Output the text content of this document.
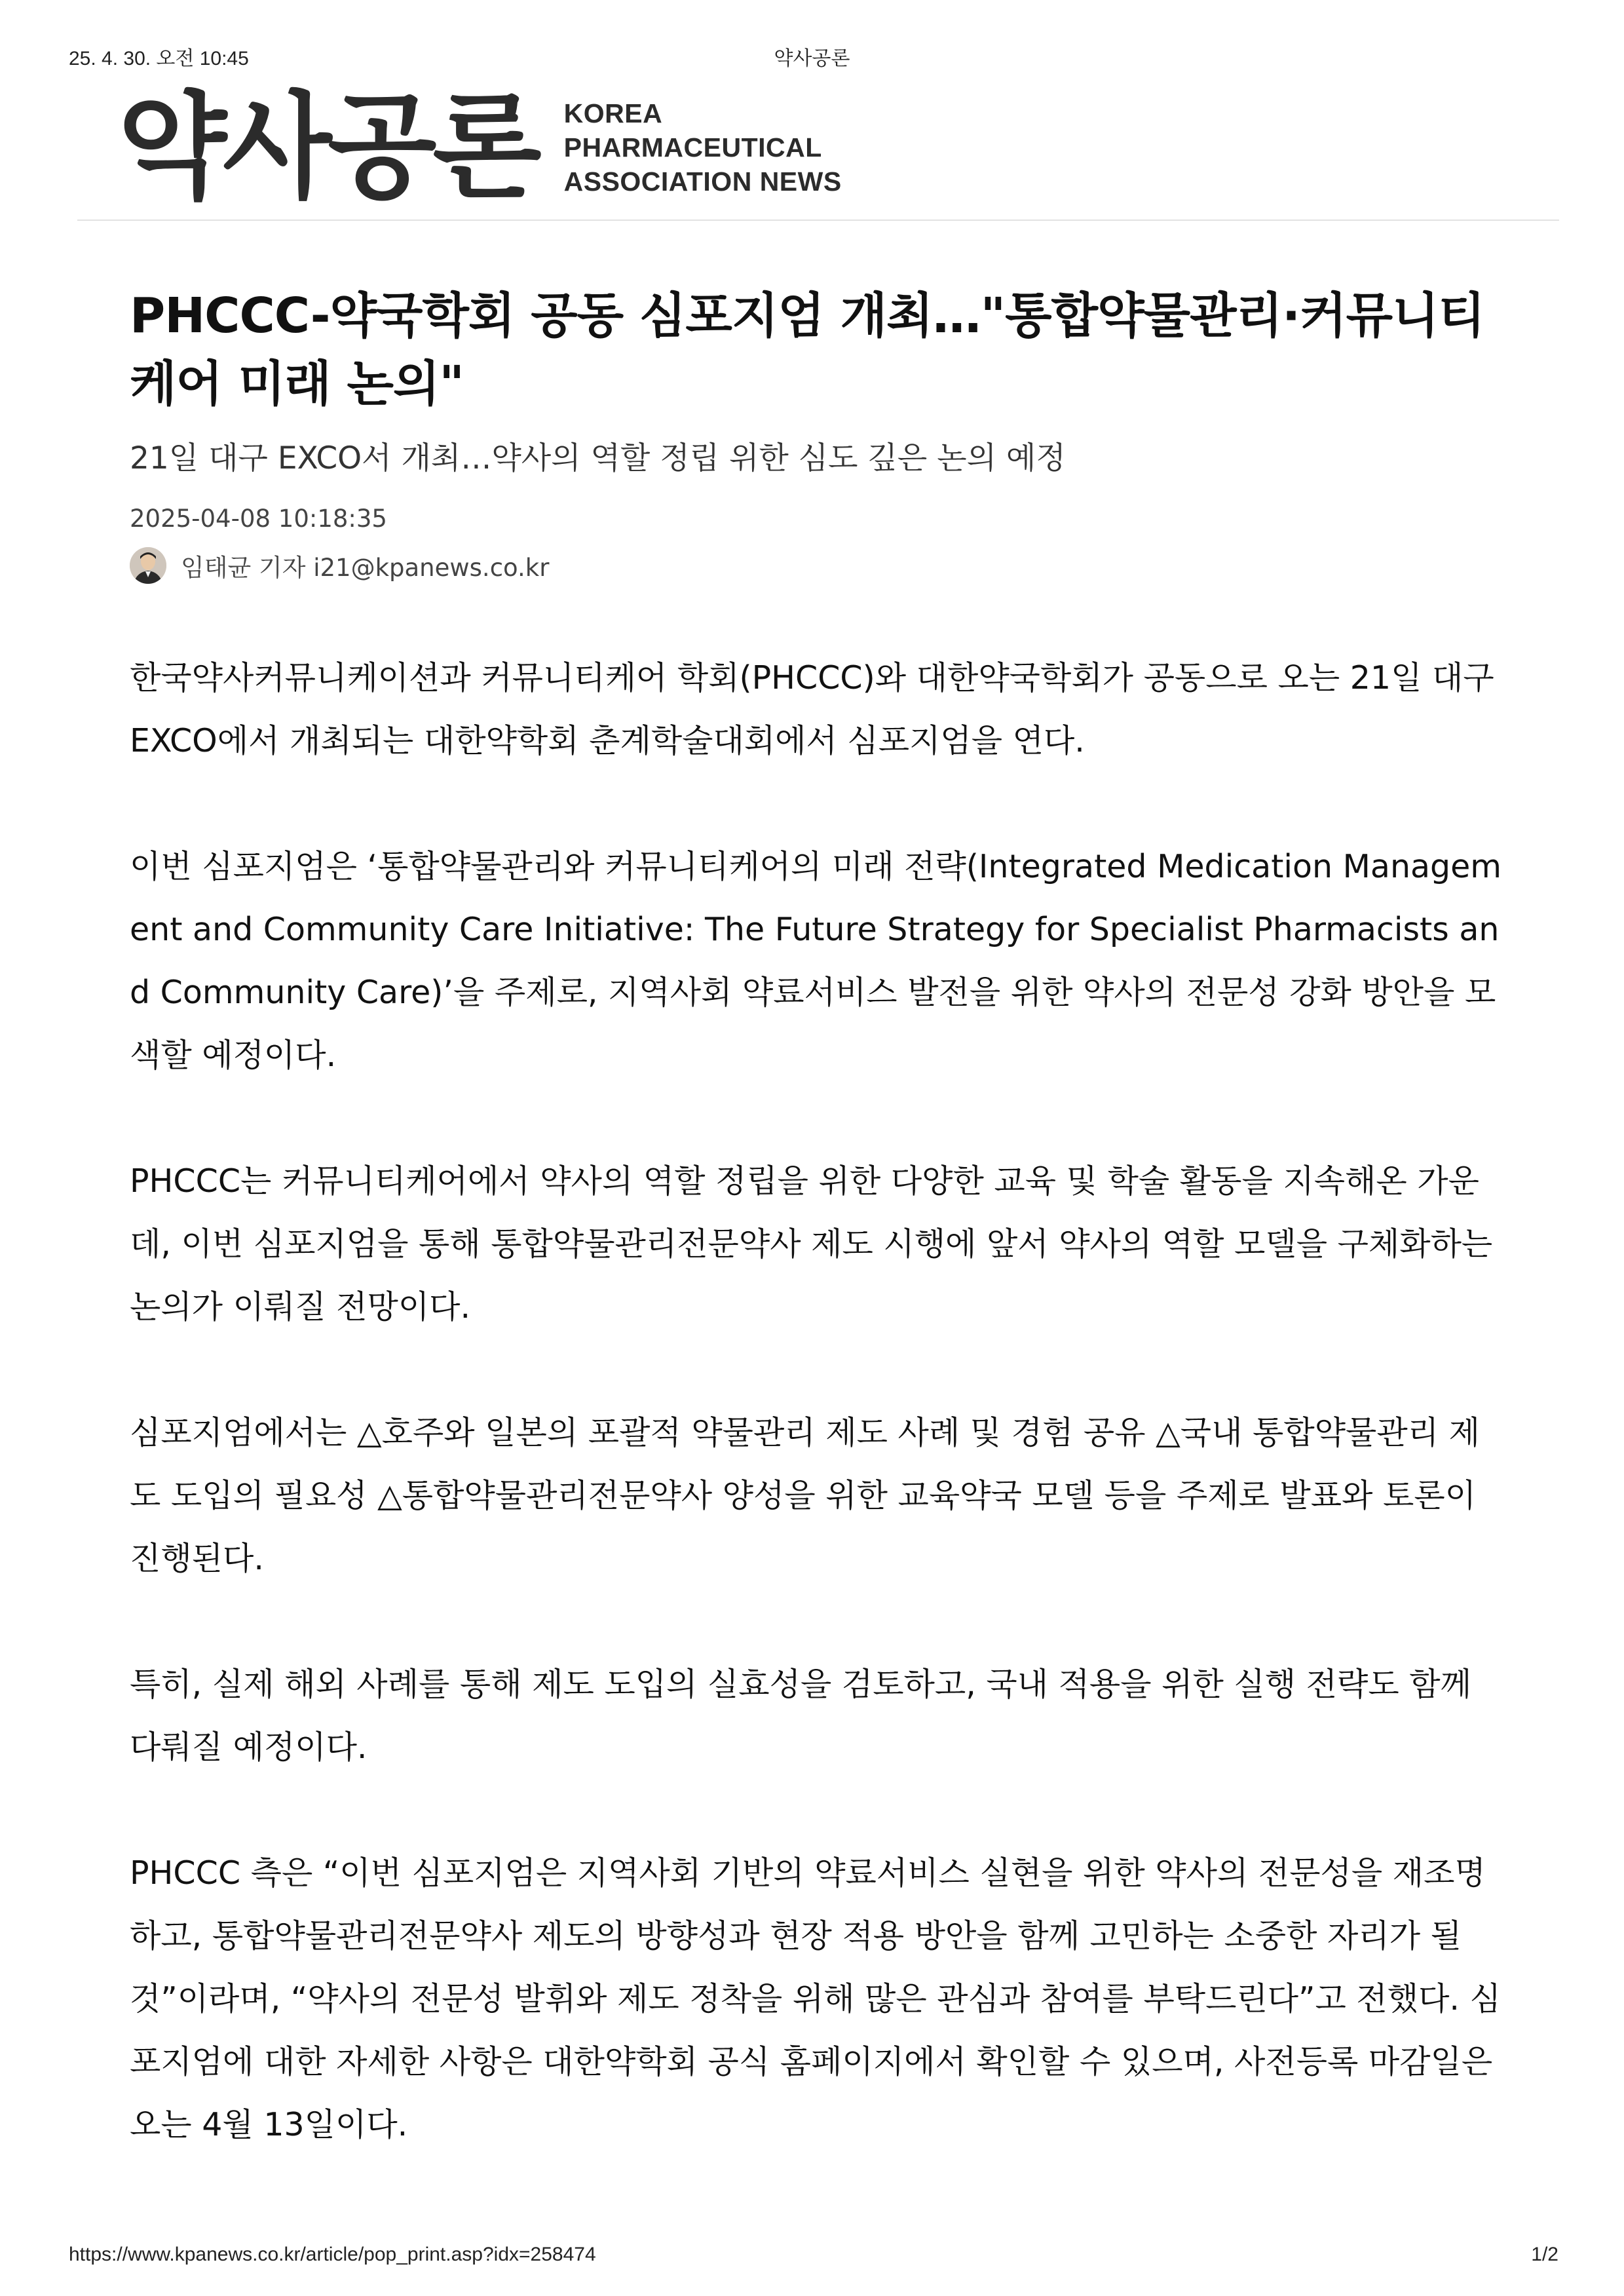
25. 4. 30. 오전 10:45	약사공론
약사공론 KOREA
PHARMACEUTICAL
ASSOCIATION NEWS
PHCCC-약국학회 공동 심포지엄 개최…"통합약물관리·커뮤니티케어 미래 논의"
21일 대구 EXCO서 개최…약사의 역할 정립 위한 심도 깊은 논의 예정
2025-04-08 10:18:35
임태균 기자 i21@kpanews.co.kr

한국약사커뮤니케이션과 커뮤니티케어 학회(PHCCC)와 대한약국학회가 공동으로 오는 21일 대구 EXCO에서 개최되는 대한약학회 춘계학술대회에서 심포지엄을 연다.

이번 심포지엄은 ‘통합약물관리와 커뮤니티케어의 미래 전략(Integrated Medication Management and Community Care Initiative: The Future Strategy for Specialist Pharmacists and Community Care)’을 주제로, 지역사회 약료서비스 발전을 위한 약사의 전문성 강화 방안을 모색할 예정이다.

PHCCC는 커뮤니티케어에서 약사의 역할 정립을 위한 다양한 교육 및 학술 활동을 지속해온 가운데, 이번 심포지엄을 통해 통합약물관리전문약사 제도 시행에 앞서 약사의 역할 모델을 구체화하는 논의가 이뤄질 전망이다.

심포지엄에서는 △호주와 일본의 포괄적 약물관리 제도 사례 및 경험 공유 △국내 통합약물관리 제도 도입의 필요성 △통합약물관리전문약사 양성을 위한 교육약국 모델 등을 주제로 발표와 토론이 진행된다.

특히, 실제 해외 사례를 통해 제도 도입의 실효성을 검토하고, 국내 적용을 위한 실행 전략도 함께 다뤄질 예정이다.

PHCCC 측은 “이번 심포지엄은 지역사회 기반의 약료서비스 실현을 위한 약사의 전문성을 재조명하고, 통합약물관리전문약사 제도의 방향성과 현장 적용 방안을 함께 고민하는 소중한 자리가 될 것”이라며, “약사의 전문성 발휘와 제도 정착을 위해 많은 관심과 참여를 부탁드린다”고 전했다. 심포지엄에 대한 자세한 사항은 대한약학회 공식 홈페이지에서 확인할 수 있으며, 사전등록 마감일은 오는 4월 13일이다.

https://www.kpanews.co.kr/article/pop_print.asp?idx=258474	1/2
